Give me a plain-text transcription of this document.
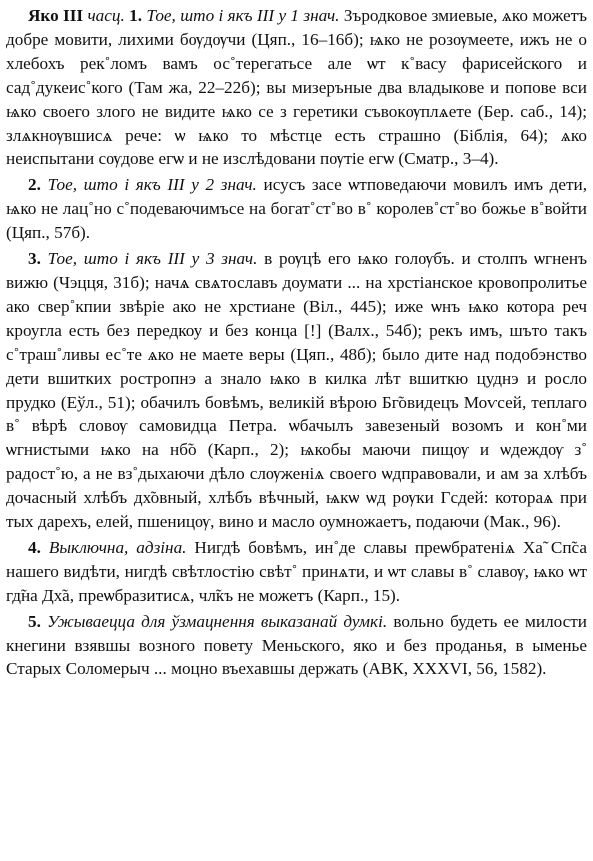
Яко III часц. 1. Тое, што і якъ III у 1 знач. Зъродковое змиевые, ѧко можетъ добре мовити, лихими бѹдѹчи (Цяп., 16–16б); ѩко не розѹмеете, ижъ не о хлебохъ рек˚ломъ вамъ ос˚терегатьсе але ѡт к˚васу фарисейского и сад˚дукеис˚кого (Там жа, 22–22б); вы мизеръные два владыкове и попове вси ѩко своего злого не видите ѩко се з геретики съвокѹплѧете (Бер. саб., 14); злѧкнѹвшисѧ рече: ѡ ѩко то мѣстце есть страшно (Біблія, 64); ѧко неиспытани сѹдове егѡ и не изслѣдовани пѹтіе егѡ (Сматр., 3–4).

2. Тое, што і якъ III у 2 знач. исусъ засе ѡтповедаючи мовилъ имъ дети, ѩко не лац˚но с˚подеваючимъсе на богат˚ст˚во в˚ королев˚ст˚во божье в˚войти (Цяп., 57б).

3. Тое, што і якъ III у 3 знач. в рѹцѣ его ѩко голѹбъ. и столпъ ѡгненъ вижю (Чэцця, 31б); начѧ свѧтославъ доумати ... на хрстіанское кровопролитье ако свер˚кпии звѣріе ако не хрстиане (Віл., 445); иже ѡнъ ѩко котора реч кроугла есть без передкоу и без конца [!] (Валх., 54б); рекъ имъ, шъто такъ с˚траш˚ливы ес˚те ѧко не маете веры (Цяп., 48б); было дите над подобэнство дети вшитких ростропнэ а знало ѩко в килка лѣт вшиткю цуднэ и росло прудко (Еўл., 51); обачилъ бовѣмъ, великій вѣрою Бг̃овидецъ Моѵсей, теплаго в˚ вѣрѣ словѹ самовидца Петра. ѡбачылъ завезеный возомъ и кон˚ми ѡгнистыми ѩко на нб̃о (Карп., 2); ѩкобы маючи пищѹ и ѡдеждѹ з˚ радост˚ю, а не вз˚дыхаючи дѣло слѹженіѧ своего ѡдправовали, и ам за хлѣбъ дочасный хлѣбъ дх̃овный, хлѣбъ вѣчный, ѩкѡ ѡд рѹки Гсдей: котораѧ при тых дарехъ, елей, пшеницѹ, вино и масло оумножаетъ, подаючи (Мак., 96).

4. Выключна, адзіна. Нигдѣ бовѣмъ, ин˚де славы преѡбратеніѧ Ха̃ Сп̃са нашего видѣти, нигдѣ свѣтлостію свѣт˚ принѧти, и ѡт славы в˚ славѹ, ѩко ѡт гд̃на Дх̃а, преѡбразитисѧ, чл̃къ не можетъ (Карп., 15).

5. Ужываецца для ўзмацнення выказанай думкі. вольно будеть ее милости кнегини взявшы возного повету Меньского, яко и без проданья, в ыменье Старых Соломерыч ... моцно въехавшы держать (АВК, XXXVI, 56, 1582).
